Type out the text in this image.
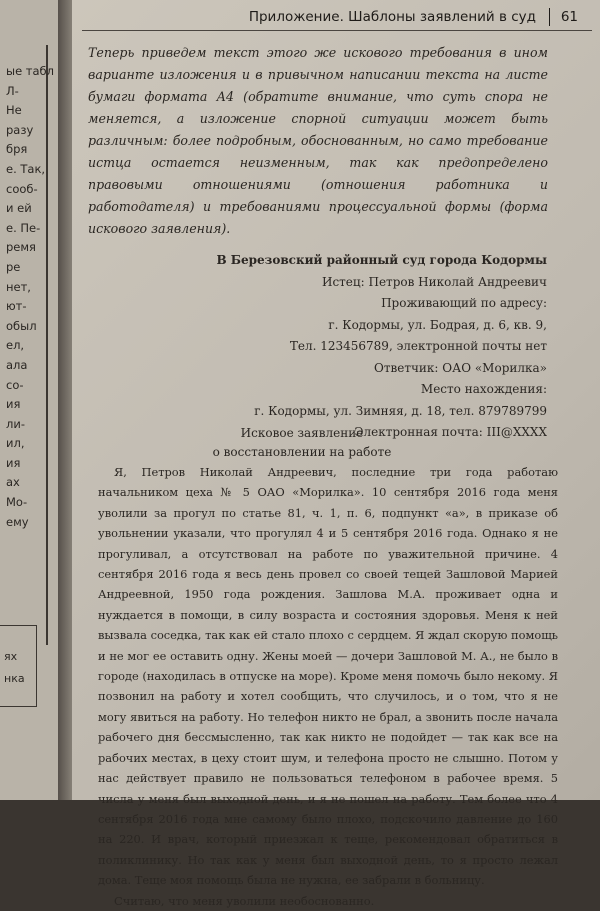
ые табл
Л-
Не
разу
бря
е. Так,
сооб-
и ей
е. Пе-
ремя
ре
нет,
ют-
обыл
ел,
ала
со-
ия
ли-
ил,
ия
ах
Мо-
ему
ях
нка
Приложение. Шаблоны заявлений в суд 61
Теперь приведем текст этого же искового требования в ином варианте изложения и в привычном написании текста на листе бумаги формата А4 (обратите внимание, что суть спора не меняется, а изложение спорной ситуации может быть различным: более подробным, обоснованным, но само требование истца остается неизменным, так как предопределено правовыми отношениями (отношения работника и работодателя) и требованиями процессуальной формы (форма искового заявления).
В Березовский районный суд города Кодормы
Истец: Петров Николай Андреевич
Проживающий по адресу:
г. Кодормы, ул. Бодрая, д. 6, кв. 9,
Тел. 123456789, электронной почты нет
Ответчик: ОАО «Морилка»
Место нахождения:
г. Кодормы, ул. Зимняя, д. 18, тел. 879789799
Электронная почта: III@XXXX
Исковое заявление
о восстановлении на работе

Я, Петров Николай Андреевич, последние три года работаю начальником цеха № 5 ОАО «Морилка». 10 сентября 2016 года меня уволили за прогул по статье 81, ч. 1, п. 6, подпункт «а», в приказе об увольнении указали, что прогулял 4 и 5 сентября 2016 года. Однако я не прогуливал, а отсутствовал на работе по уважительной причине. 4 сентября 2016 года я весь день провел со своей тещей Зашловой Марией Андреевной, 1950 года рождения. Зашлова М.А. проживает одна и нуждается в помощи, в силу возраста и состояния здоровья. Меня к ней вызвала соседка, так как ей стало плохо с сердцем. Я ждал скорую помощь и не мог ее оставить одну. Жены моей — дочери Зашловой М. А., не было в городе (находилась в отпуске на море). Кроме меня помочь было некому. Я позвонил на работу и хотел сообщить, что случилось, и о том, что я не могу явиться на работу. Но телефон никто не брал, а звонить после начала рабочего дня бессмысленно, так как никто не подойдет — так как все на рабочих местах, в цеху стоит шум, и телефона просто не слышно. Потом у нас действует правило не пользоваться телефоном в рабочее время. 5 числа у меня был выходной день, и я не пошел на работу. Тем более что 4 сентября 2016 года мне самому было плохо, подскочило давление до 160 на 220. И врач, который приезжал к теще, рекомендовал обратиться в поликлинику. Но так как у меня был выходной день, то я просто лежал дома. Теще моя помощь была не нужна, ее забрали в больницу.

Считаю, что меня уволили необоснованно.
